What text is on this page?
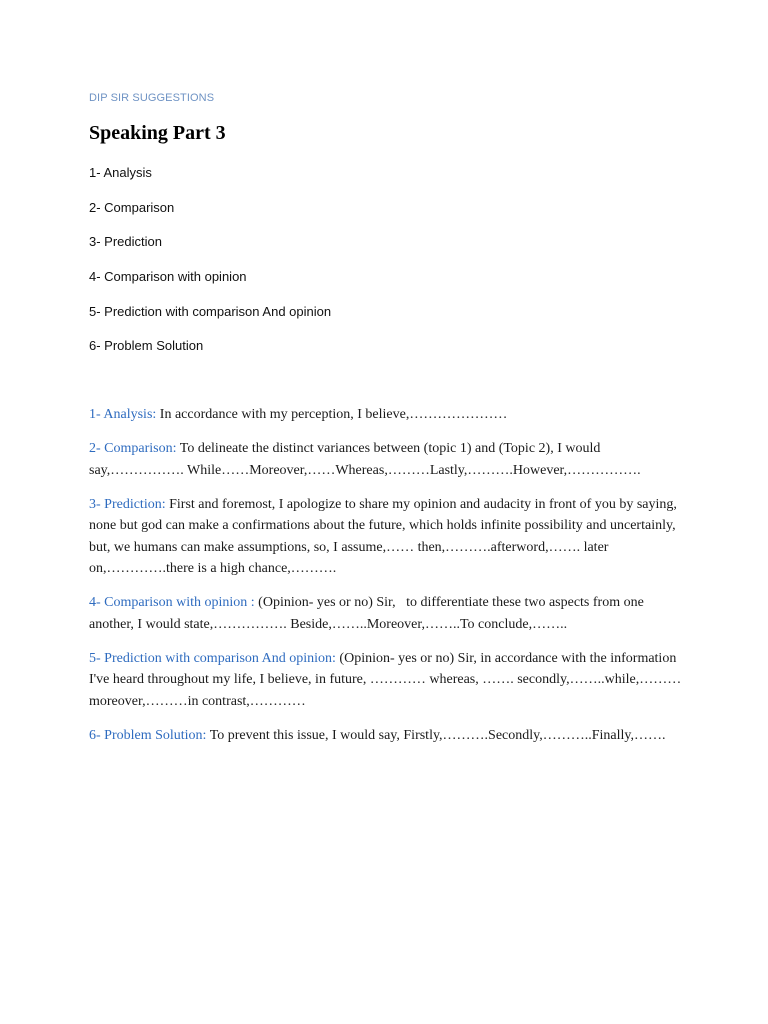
DIP SIR SUGGESTIONS
Speaking Part 3
1- Analysis
2- Comparison
3- Prediction
4- Comparison with opinion
5- Prediction with comparison And opinion
6- Problem Solution

1- Analysis: In accordance with my perception, I believe,…………………

2- Comparison: To delineate the distinct variances between (topic 1) and (Topic 2), I would say,……………. While……Moreover,……Whereas,………Lastly,……….However,…………….

3- Prediction: First and foremost, I apologize to share my opinion and audacity in front of you by saying, none but god can make a confirmations about the future, which holds infinite possibility and uncertainly, but, we humans can make assumptions, so, I assume,…… then,……….afterword,……. later on,………….there is a high chance,……….

4- Comparison with opinion : (Opinion- yes or no) Sir,   to differentiate these two aspects from one another, I would state,……………. Beside,……..Moreover,……..To conclude,……..

5- Prediction with comparison And opinion: (Opinion- yes or no) Sir, in accordance with the information I've heard throughout my life, I believe, in future, ………… whereas, ……. secondly,……..while,………moreover,………in contrast,…………

6- Problem Solution: To prevent this issue, I would say, Firstly,……….Secondly,………..Finally,…….
